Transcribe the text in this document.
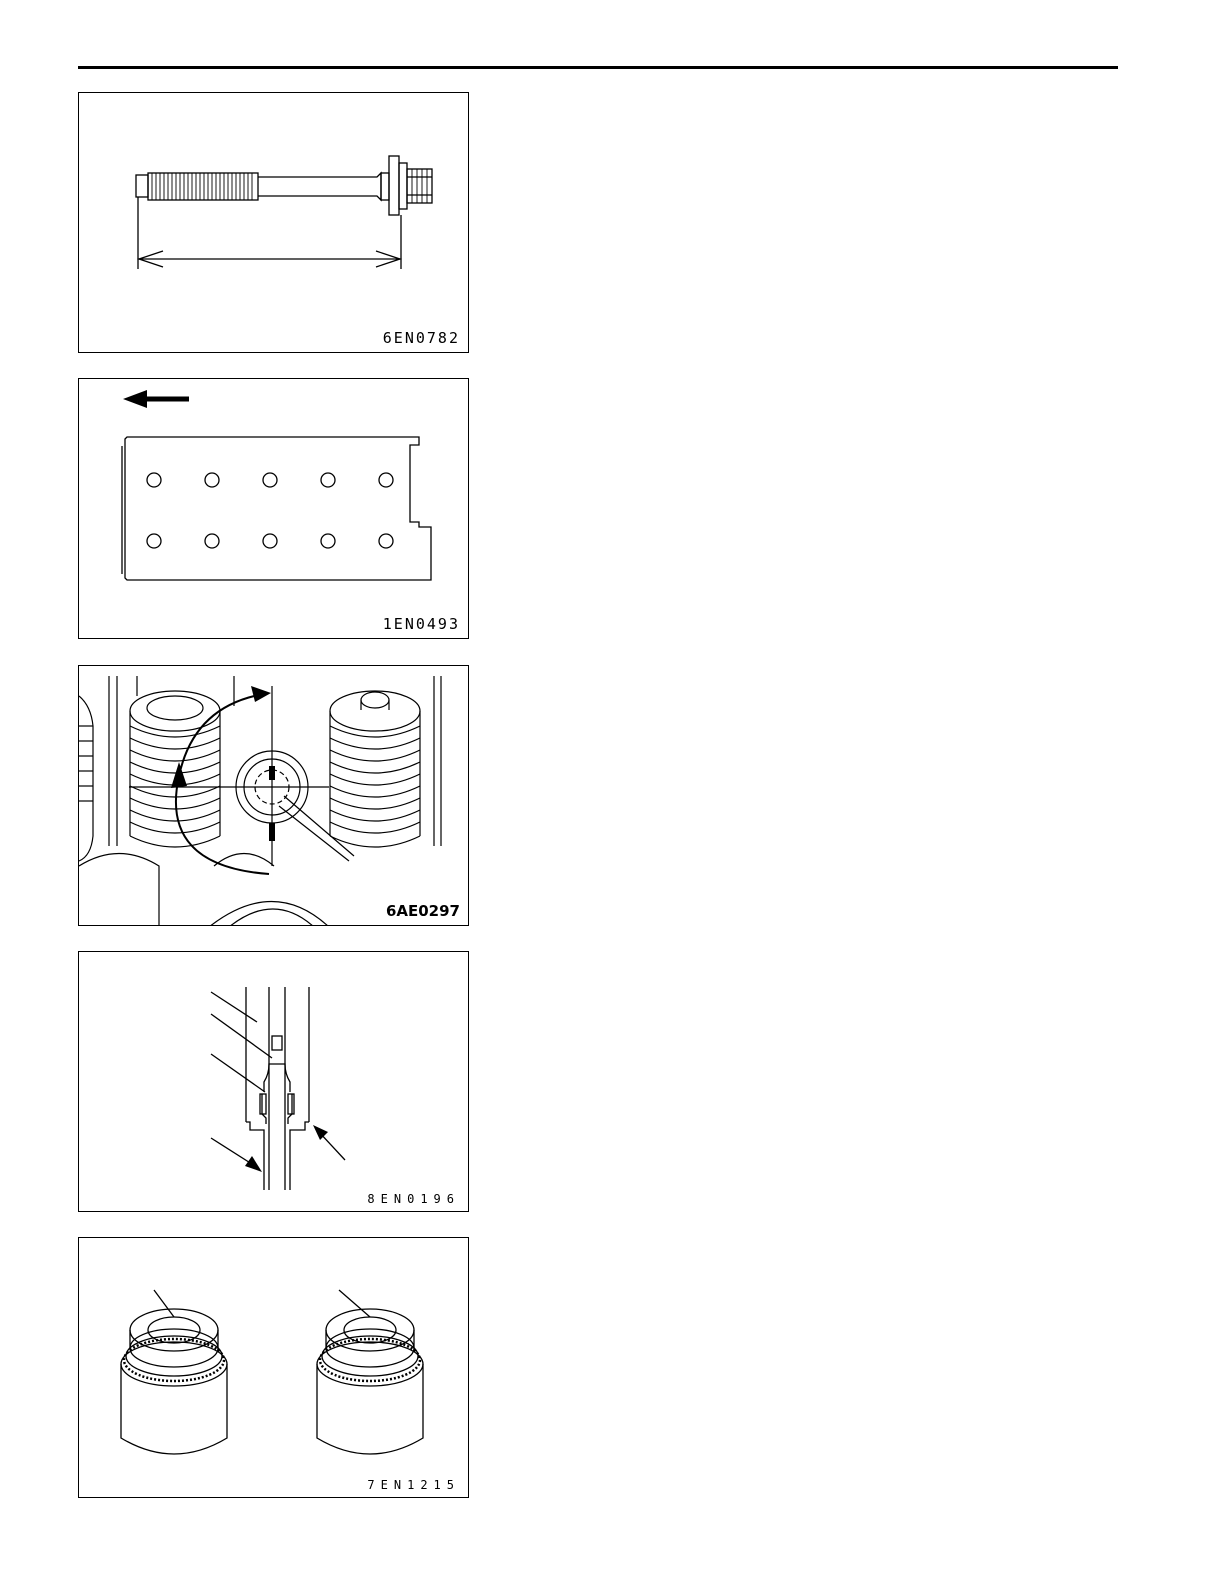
6EN0782
1EN0493
6AE0297
8EN0196
7EN1215
